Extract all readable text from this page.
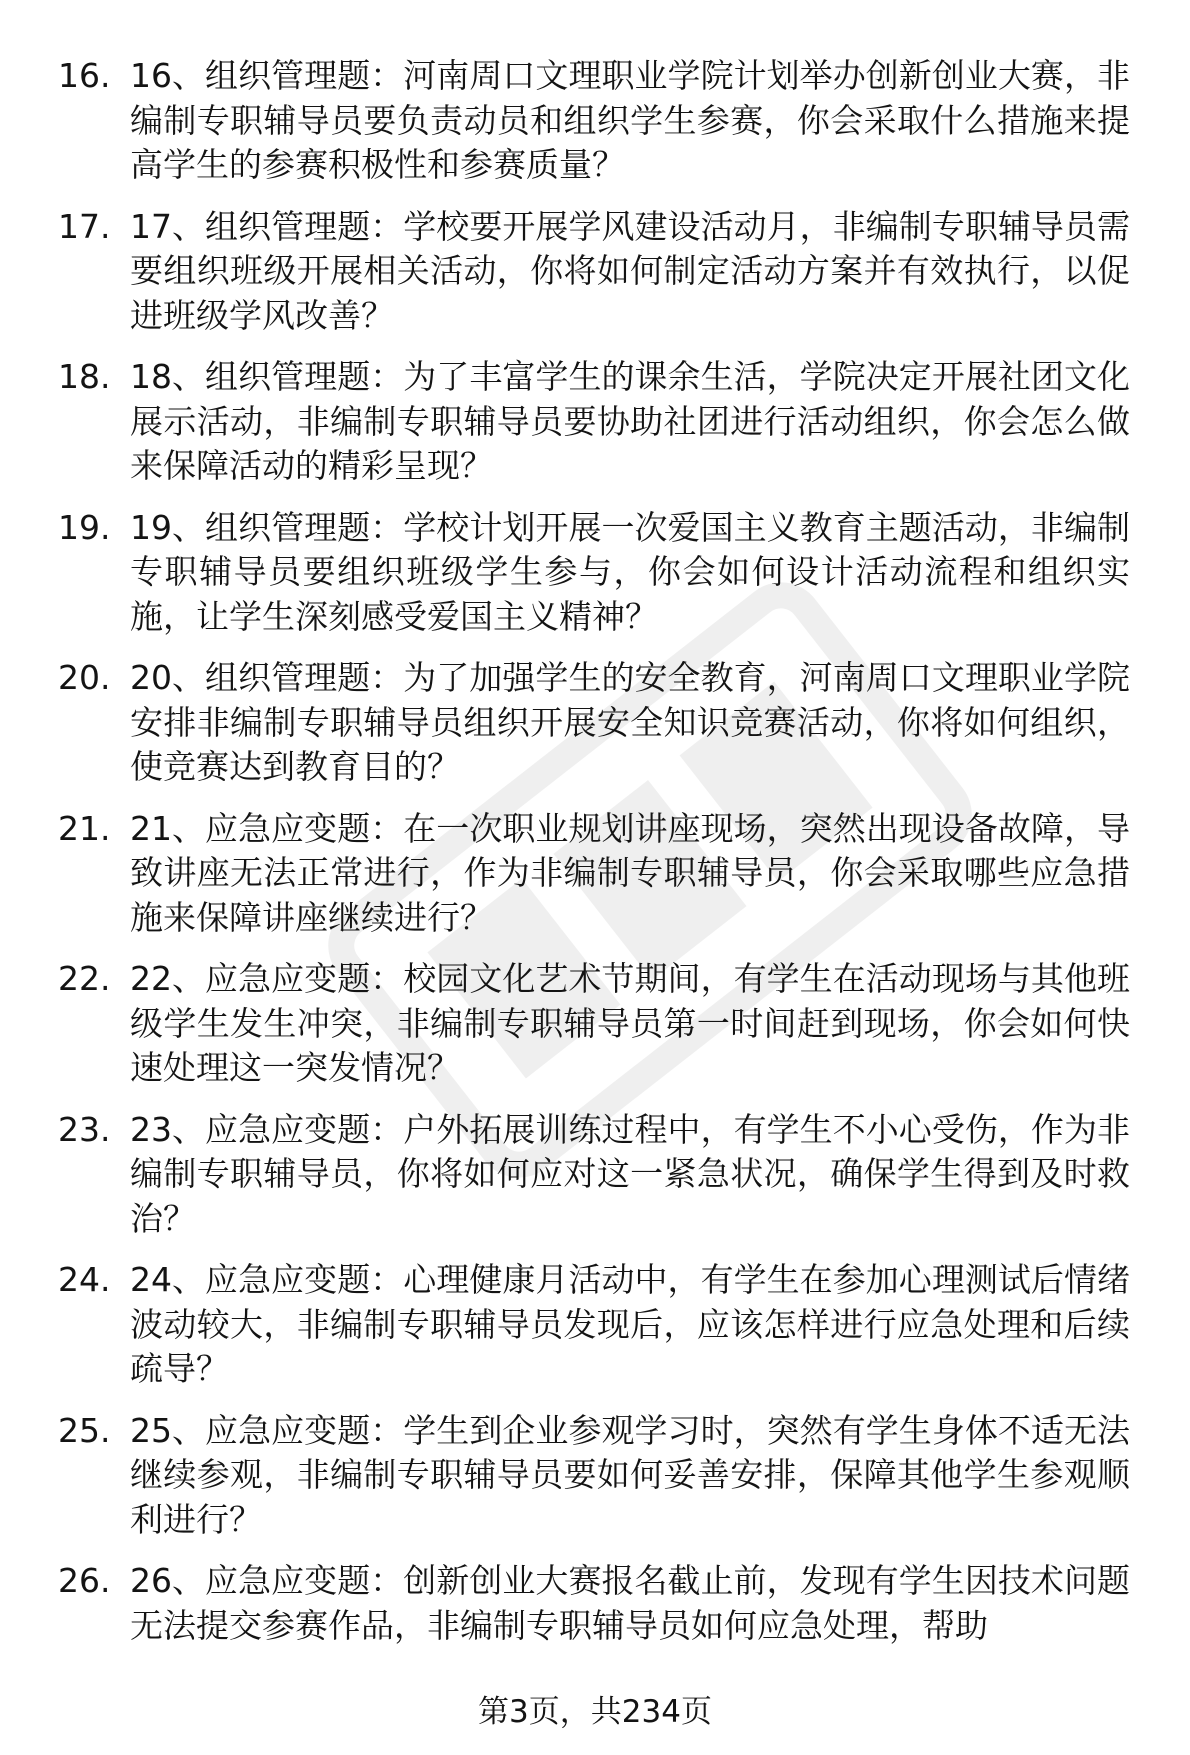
16. 16、组织管理题：河南周口文理职业学院计划举办创新创业大赛，非编制专职辅导员要负责动员和组织学生参赛，你会采取什么措施来提高学生的参赛积极性和参赛质量？
17. 17、组织管理题：学校要开展学风建设活动月，非编制专职辅导员需要组织班级开展相关活动，你将如何制定活动方案并有效执行，以促进班级学风改善？
18. 18、组织管理题：为了丰富学生的课余生活，学院决定开展社团文化展示活动，非编制专职辅导员要协助社团进行活动组织，你会怎么做来保障活动的精彩呈现？
19. 19、组织管理题：学校计划开展一次爱国主义教育主题活动，非编制专职辅导员要组织班级学生参与，你会如何设计活动流程和组织实施，让学生深刻感受爱国主义精神？
20. 20、组织管理题：为了加强学生的安全教育，河南周口文理职业学院安排非编制专职辅导员组织开展安全知识竞赛活动，你将如何组织，使竞赛达到教育目的？
21. 21、应急应变题：在一次职业规划讲座现场，突然出现设备故障，导致讲座无法正常进行，作为非编制专职辅导员，你会采取哪些应急措施来保障讲座继续进行？
22. 22、应急应变题：校园文化艺术节期间，有学生在活动现场与其他班级学生发生冲突，非编制专职辅导员第一时间赶到现场，你会如何快速处理这一突发情况？
23. 23、应急应变题：户外拓展训练过程中，有学生不小心受伤，作为非编制专职辅导员，你将如何应对这一紧急状况，确保学生得到及时救治？
24. 24、应急应变题：心理健康月活动中，有学生在参加心理测试后情绪波动较大，非编制专职辅导员发现后，应该怎样进行应急处理和后续疏导？
25. 25、应急应变题：学生到企业参观学习时，突然有学生身体不适无法继续参观，非编制专职辅导员要如何妥善安排，保障其他学生参观顺利进行？
26. 26、应急应变题：创新创业大赛报名截止前，发现有学生因技术问题无法提交参赛作品，非编制专职辅导员如何应急处理，帮助
第3页，共234页
